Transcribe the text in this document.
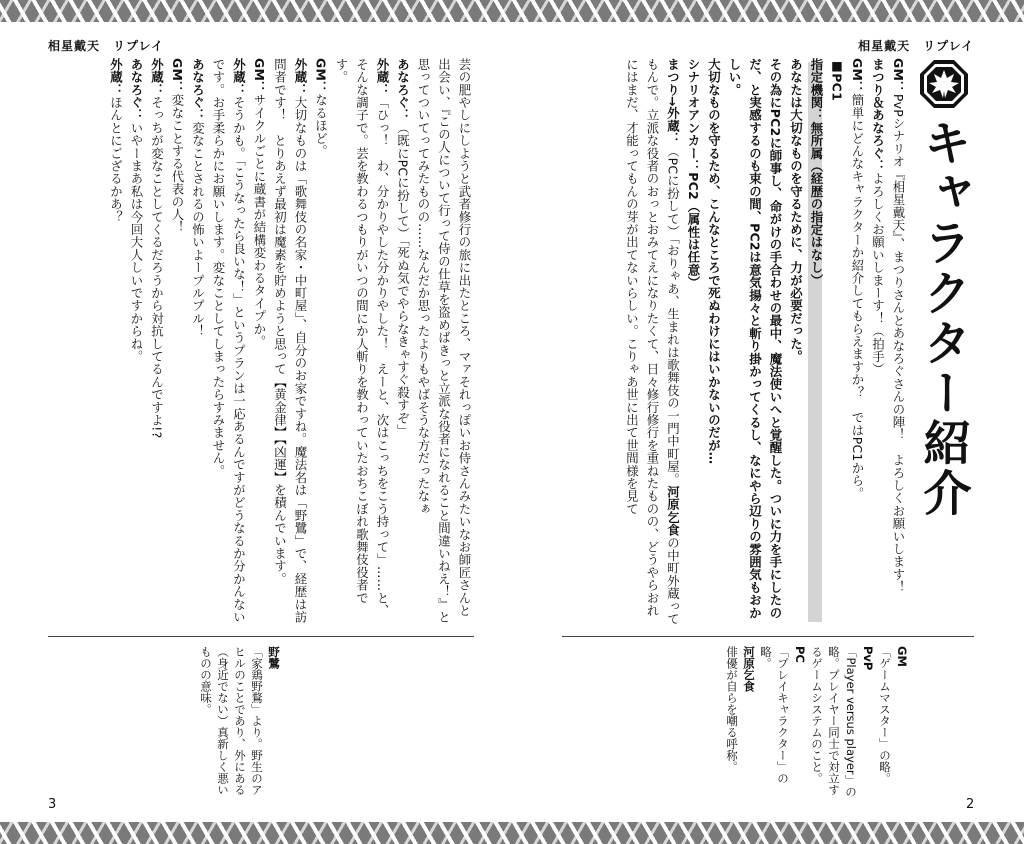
相星戴天　リプレイ	相星戴天　リプレイ
キャラクター紹介
GM：PvPシナリオ『相星戴天』、まつりさんとあなろぐさんの陣！　よろしくお願いします！
まつり＆あなろぐ：よろしくお願いしまーす！（拍手）
GM：簡単にどんなキャラクターか紹介してもらえますか？　ではPC1から。
■PC1
指定機関：無所属（経歴の指定はなし）
あなたは大切なものを守るために、力が必要だった。
その為にPC2に師事し、命がけの手合わせの最中、魔法使いへと覚醒した。ついに力を手にしたのだ、と実感するのも束の間、PC2は意気揚々と斬り掛かってくるし、なにやら辺りの雰囲気もおかしい。
大切なものを守るため、こんなところで死ぬわけにはいかないのだが…
シナリオアンカー：PC2（属性は任意）
まつり→外蔵：（PCに扮して）「おりゃあ、生まれは歌舞伎の一門中町屋。河原乞食の中町外蔵ってもんで。立派な役者のおっとおみてえになりたくて、日々修行修行を重ねたものの、どうやらおれにはまだ、才能ってもんの芽が出てないらしい。こりゃあ世に出て世間様を見て
芸の肥やしにしようと武者修行の旅に出たところ、マァそれっぽいお侍さんみたいなお師匠さんと出会い、『この人について行って侍の仕草を盗めばきっと立派な役者になれること間違いねえ！』と思ってついてってみたものの……なんだか思ったよりもやばそうな方だったなぁ
あなろぐ：（既にPCに扮して）「死ぬ気でやらなきゃすぐ殺すぞ」
外蔵：「ひっ！　わ、分かりやした分かりやした！　えーと、次はこっちをこう持って」……と、そんな調子で。芸を教わるつもりがいつの間にか人斬りを教わっていたおちこぼれ歌舞伎役者です。
GM：なるほど。
外蔵：大切なものは「歌舞伎の名家・中町屋」、自分のお家ですね。魔法名は「野鷺」で、経歴は訪問者です！　とりあえず最初は魔素を貯めようと思って【黄金律】【凶運】を積んでいます。
GM：サイクルごとに蔵書が結構変わるタイプか。
外蔵：そうかも。「こうなったら良いな！」というプランは一応あるんですがどうなるか分かんないです。お手柔らかにお願いします。変なことしてしまったらすみません。
あなろぐ：変なことされるの怖いよープルプル！
GM：変なことする代表の人！
外蔵：そっちが変なことしてくるだろうから対抗してるんですよ!?
あなろぐ：いやーまあ私は今回大人しいですからね。
外蔵：ほんとにござるかあ？
GM
「ゲームマスター」の略。
PvP
「Player versus player」の略。プレイヤー同士で対立するゲームシステムのこと。
PC
「プレイキャラクター」の略。
河原乞食
俳優が自らを嘲る呼称。
野鷺
「家鶏野鶩」より。野生のアヒルのことであり、外にある（身近でない）真新しく悪いものの意味。
3	2
